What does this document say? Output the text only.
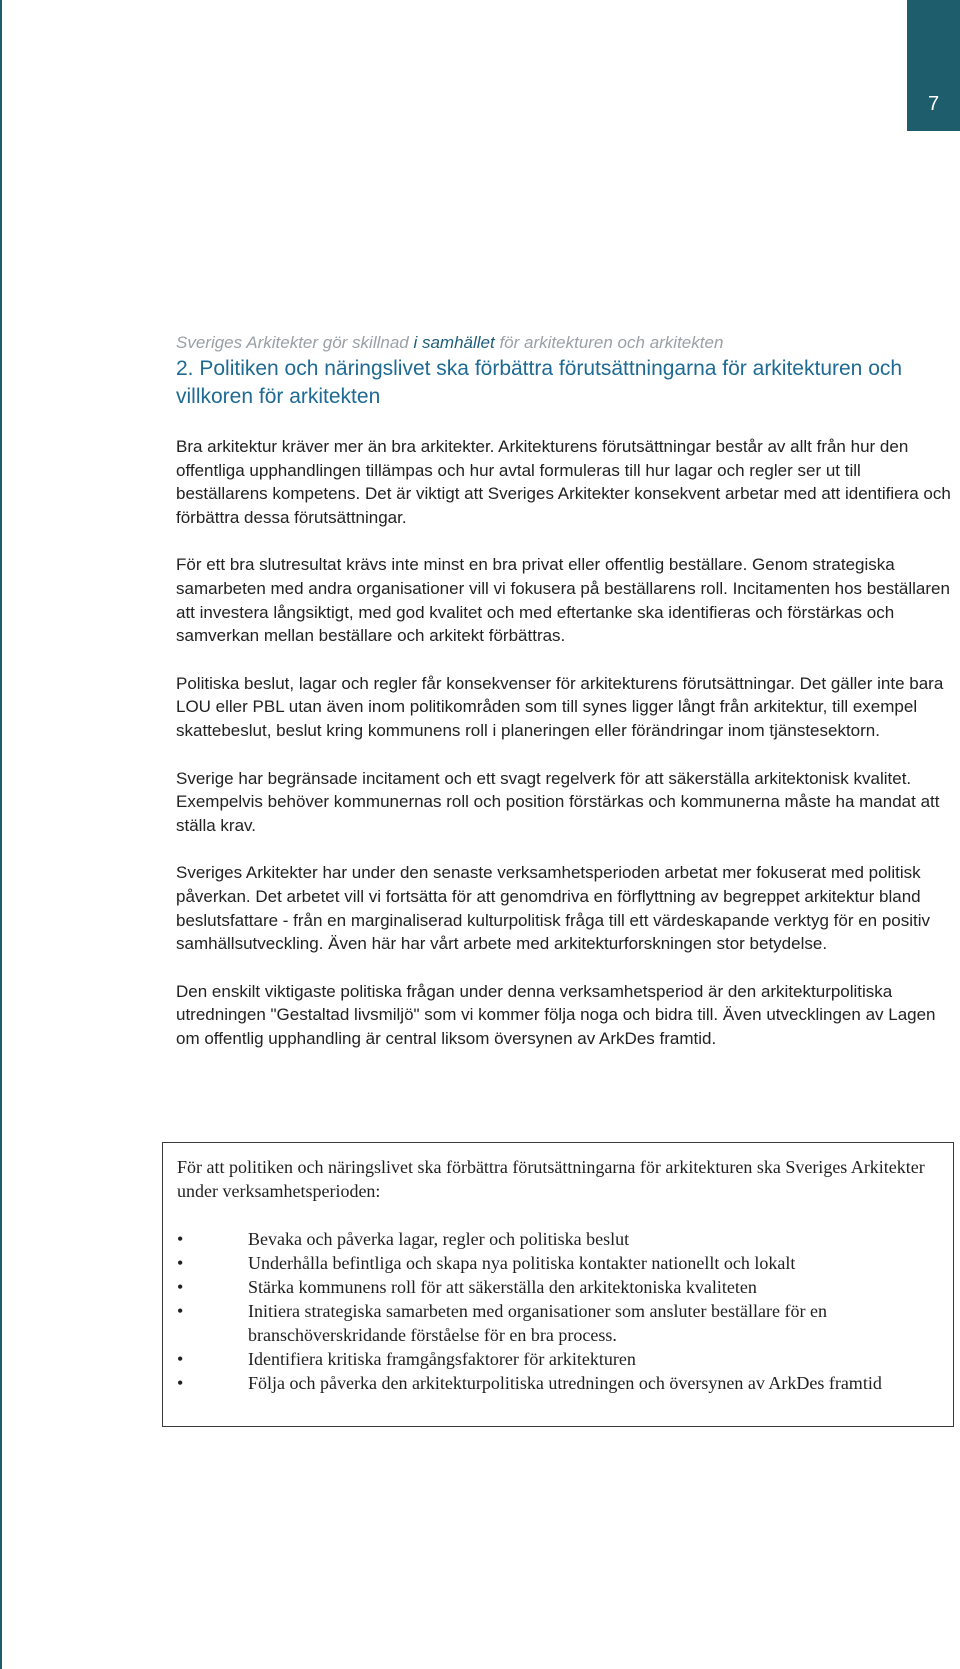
7
Sveriges Arkitekter gör skillnad i samhället för arkitekturen och arkitekten
2. Politiken och näringslivet ska förbättra förutsättningarna för arkitekturen och villkoren för arkitekten

Bra arkitektur kräver mer än bra arkitekter. Arkitekturens förutsättningar består av allt från hur den offentliga upphandlingen tillämpas och hur avtal formuleras till hur lagar och regler ser ut till beställarens kompetens. Det är viktigt att Sveriges Arkitekter konsekvent arbetar med att identifiera och förbättra dessa förutsättningar.

För ett bra slutresultat krävs inte minst en bra privat eller offentlig beställare. Genom strategiska samarbeten med andra organisationer vill vi fokusera på beställarens roll. Incitamenten hos beställaren att investera långsiktigt, med god kvalitet och med eftertanke ska identifieras och förstärkas och samverkan mellan beställare och arkitekt förbättras.

Politiska beslut, lagar och regler får konsekvenser för arkitekturens förutsättningar. Det gäller inte bara LOU eller PBL utan även inom politikområden som till synes ligger långt från arkitektur, till exempel skattebeslut, beslut kring kommunens roll i planeringen eller förändringar inom tjänstesektorn.

Sverige har begränsade incitament och ett svagt regelverk för att säkerställa arkitektonisk kvalitet. Exempelvis behöver kommunernas roll och position förstärkas och kommunerna måste ha mandat att ställa krav.

Sveriges Arkitekter har under den senaste verksamhetsperioden arbetat mer fokuserat med politisk påverkan. Det arbetet vill vi fortsätta för att genomdriva en förflyttning av begreppet arkitektur bland beslutsfattare - från en marginaliserad kulturpolitisk fråga till ett värdeskapande verktyg för en positiv samhällsutveckling. Även här har vårt arbete med arkitekturforskningen stor betydelse.

Den enskilt viktigaste politiska frågan under denna verksamhetsperiod är den arkitekturpolitiska utredningen "Gestaltad livsmiljö" som vi kommer följa noga och bidra till. Även utvecklingen av Lagen om offentlig upphandling är central liksom översynen av ArkDes framtid.

För att politiken och näringslivet ska förbättra förutsättningarna för arkitekturen ska Sveriges Arkitekter under verksamhetsperioden:

•	Bevaka och påverka lagar, regler och politiska beslut
•	Underhålla befintliga och skapa nya politiska kontakter nationellt och lokalt
•	Stärka kommunens roll för att säkerställa den arkitektoniska kvaliteten
•	Initiera strategiska samarbeten med organisationer som ansluter beställare för en branschöverskridande förståelse för en bra process.
•	Identifiera kritiska framgångsfaktorer för arkitekturen
•	Följa och påverka den arkitekturpolitiska utredningen och översynen av ArkDes framtid
